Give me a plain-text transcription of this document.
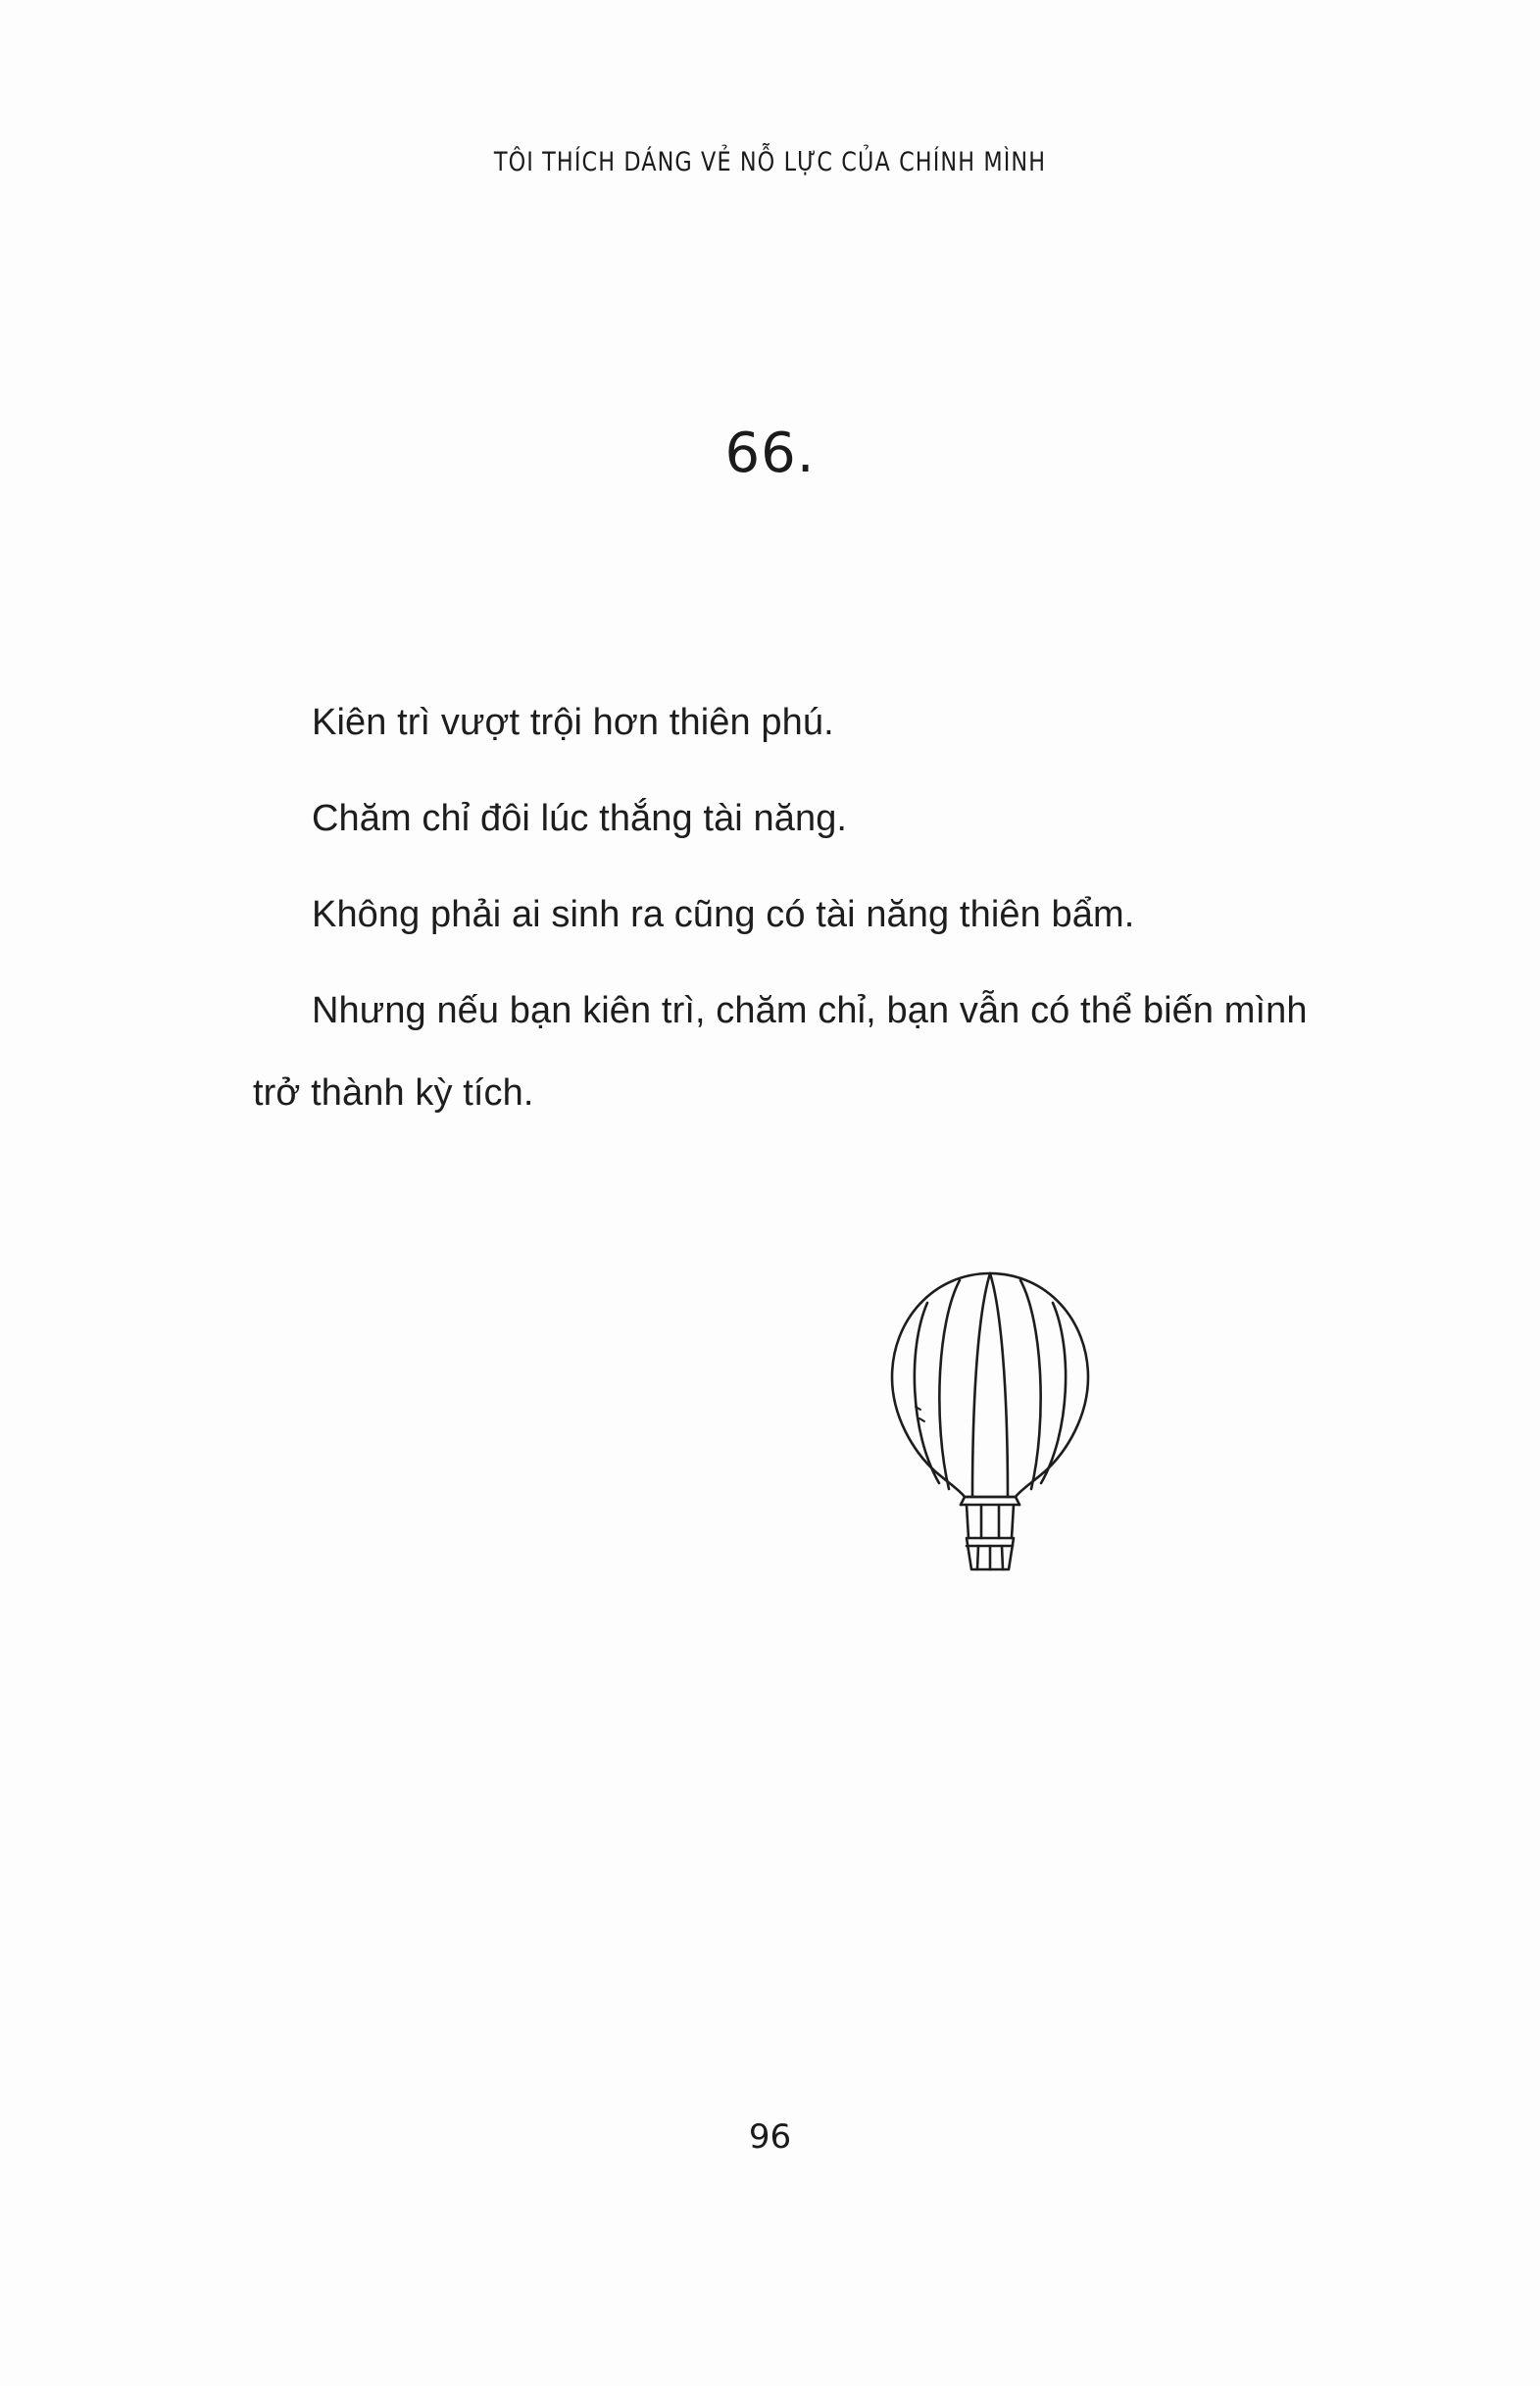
TÔI THÍCH DÁNG VẺ NỖ LỰC CỦA CHÍNH MÌNH
66.

Kiên trì vượt trội hơn thiên phú.

Chăm chỉ đôi lúc thắng tài năng.

Không phải ai sinh ra cũng có tài năng thiên bẩm.

Nhưng nếu bạn kiên trì, chăm chỉ, bạn vẫn có thể biến mình trở thành kỳ tích.

96
